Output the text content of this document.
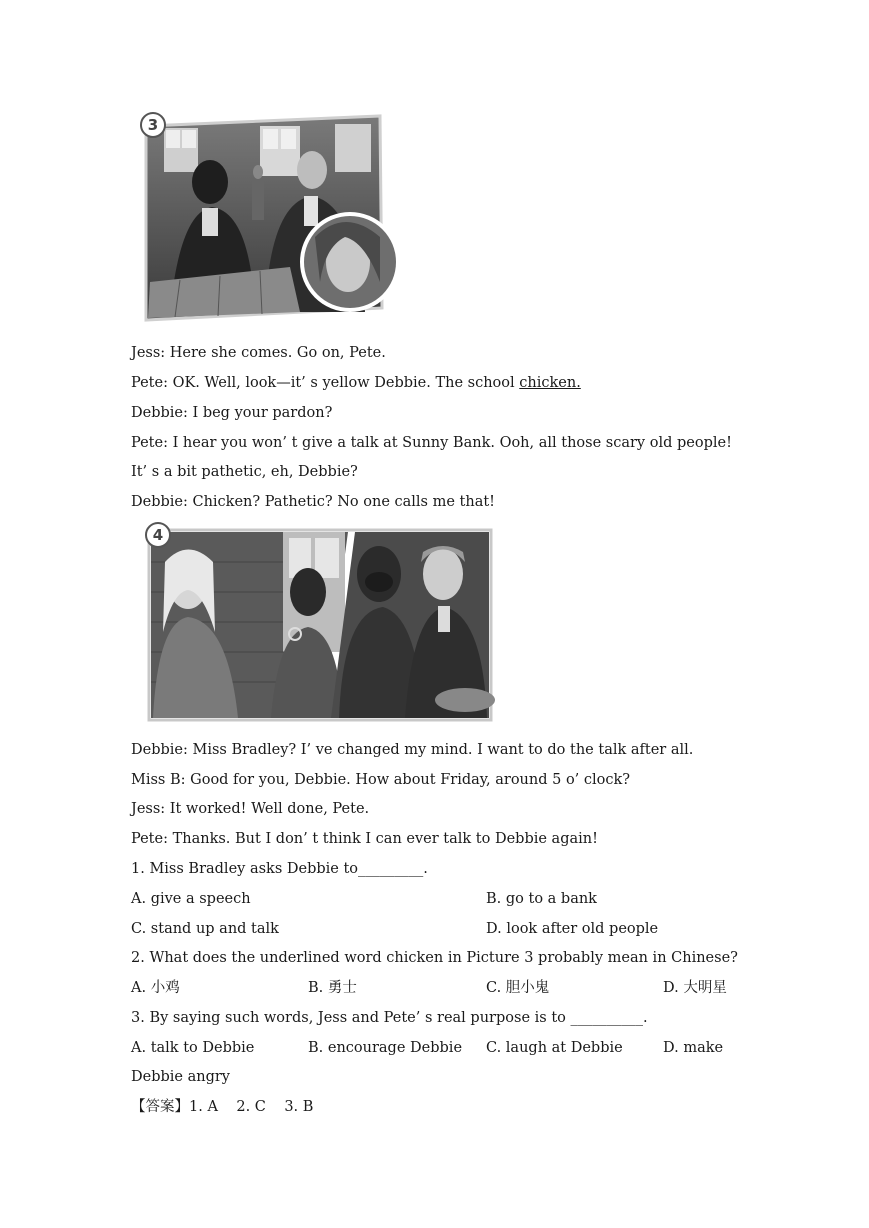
3
Jess: Here she comes. Go on, Pete.
Pete: OK. Well, look—it’ s yellow Debbie. The school chicken.
Debbie: I beg your pardon?
Pete: I hear you won’ t give a talk at Sunny Bank. Ooh, all those scary old people!
It’ s a bit pathetic, eh, Debbie?
Debbie: Chicken? Pathetic? No one calls me that!
4
Debbie: Miss Bradley? I’ ve changed my mind. I want to do the talk after all.
Miss B: Good for you, Debbie. How about Friday, around 5 o’ clock?
Jess: It worked! Well done, Pete.
Pete: Thanks. But I don’ t think I can ever talk to Debbie again!
1. Miss Bradley asks Debbie to_________.
A. give a speech	B. go to a bank
C. stand up and talk	D. look after old people
2. What does the underlined word chicken in Picture 3 probably mean in Chinese?
A. 小鸡	B. 勇士	C. 胆小鬼	D. 大明星
3. By saying such words, Jess and Pete’ s real purpose is to __________.
A. talk to Debbie	B. encourage Debbie C. laugh at Debbie	D. make
Debbie angry
【答案】1. A    2. C    3. B
